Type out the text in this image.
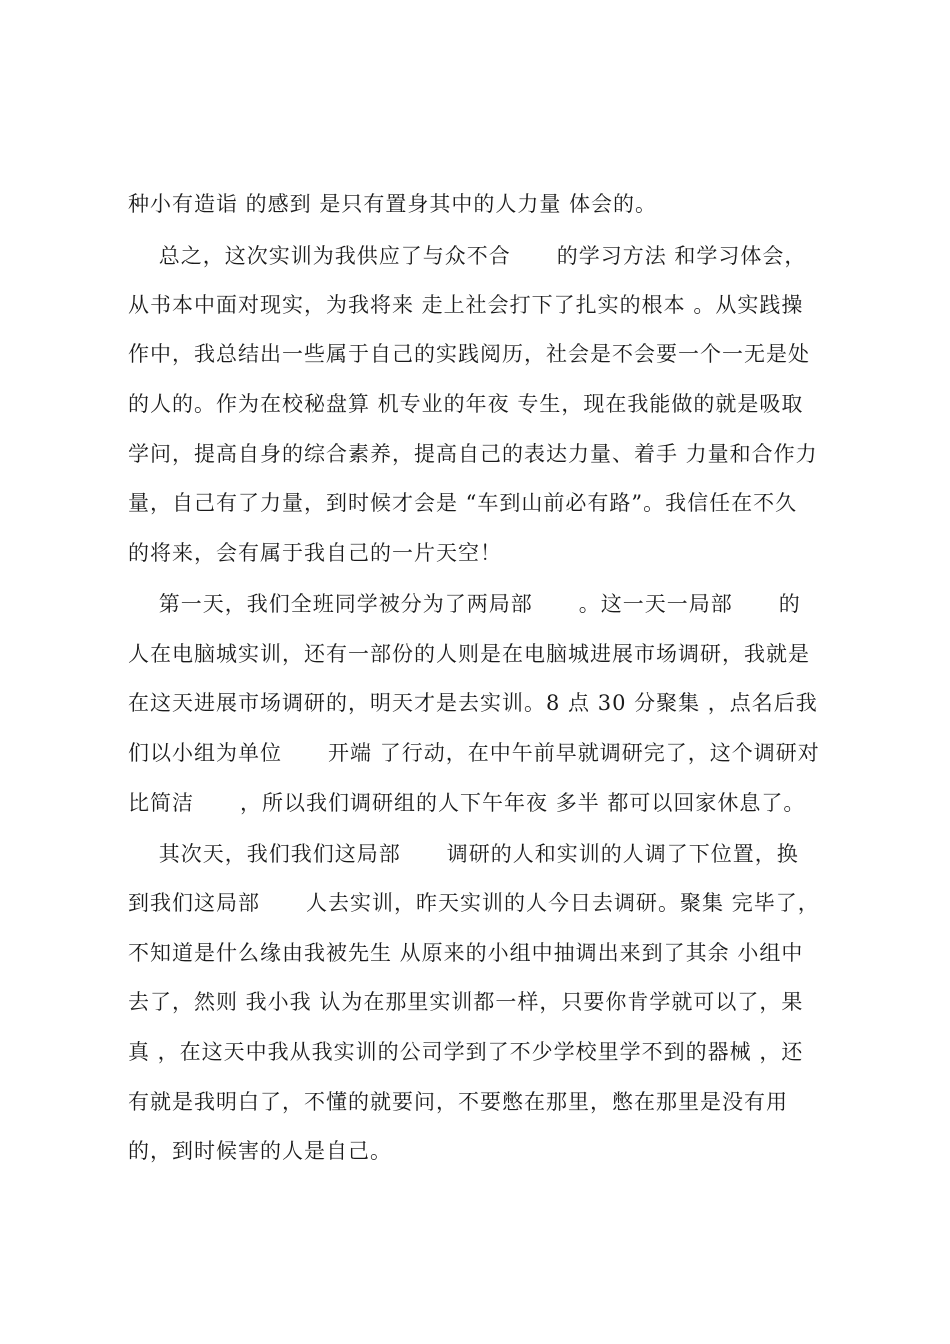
种小有造诣 的感到 是只有置身其中的人力量 体会的。
总之，这次实训为我供应了与众不合      的学习方法 和学习体会，
从书本中面对现实，为我将来 走上社会打下了扎实的根本 。从实践操
作中，我总结出一些属于自己的实践阅历，社会是不会要一个一无是处
的人的。作为在校秘盘算 机专业的年夜 专生，现在我能做的就是吸取
学问，提高自身的综合素养，提高自己的表达力量、着手 力量和合作力
量，自己有了力量，到时候才会是 “车到山前必有路”。我信任在不久
的将来，会有属于我自己的一片天空！
第一天，我们全班同学被分为了两局部      。这一天一局部      的
人在电脑城实训，还有一部份的人则是在电脑城进展市场调研，我就是
在这天进展市场调研的，明天才是去实训。8 点 30 分聚集 ，点名后我
们以小组为单位      开端 了行动，在中午前早就调研完了，这个调研对
比简洁      ，所以我们调研组的人下午年夜 多半 都可以回家休息了。
其次天，我们我们这局部      调研的人和实训的人调了下位置，换
到我们这局部      人去实训，昨天实训的人今日去调研。聚集 完毕了，
不知道是什么缘由我被先生 从原来的小组中抽调出来到了其余 小组中
去了，然则 我小我 认为在那里实训都一样，只要你肯学就可以了，果
真 ，在这天中我从我实训的公司学到了不少学校里学不到的器械 ，还
有就是我明白了，不懂的就要问，不要憋在那里，憋在那里是没有用
的，到时候害的人是自己。
